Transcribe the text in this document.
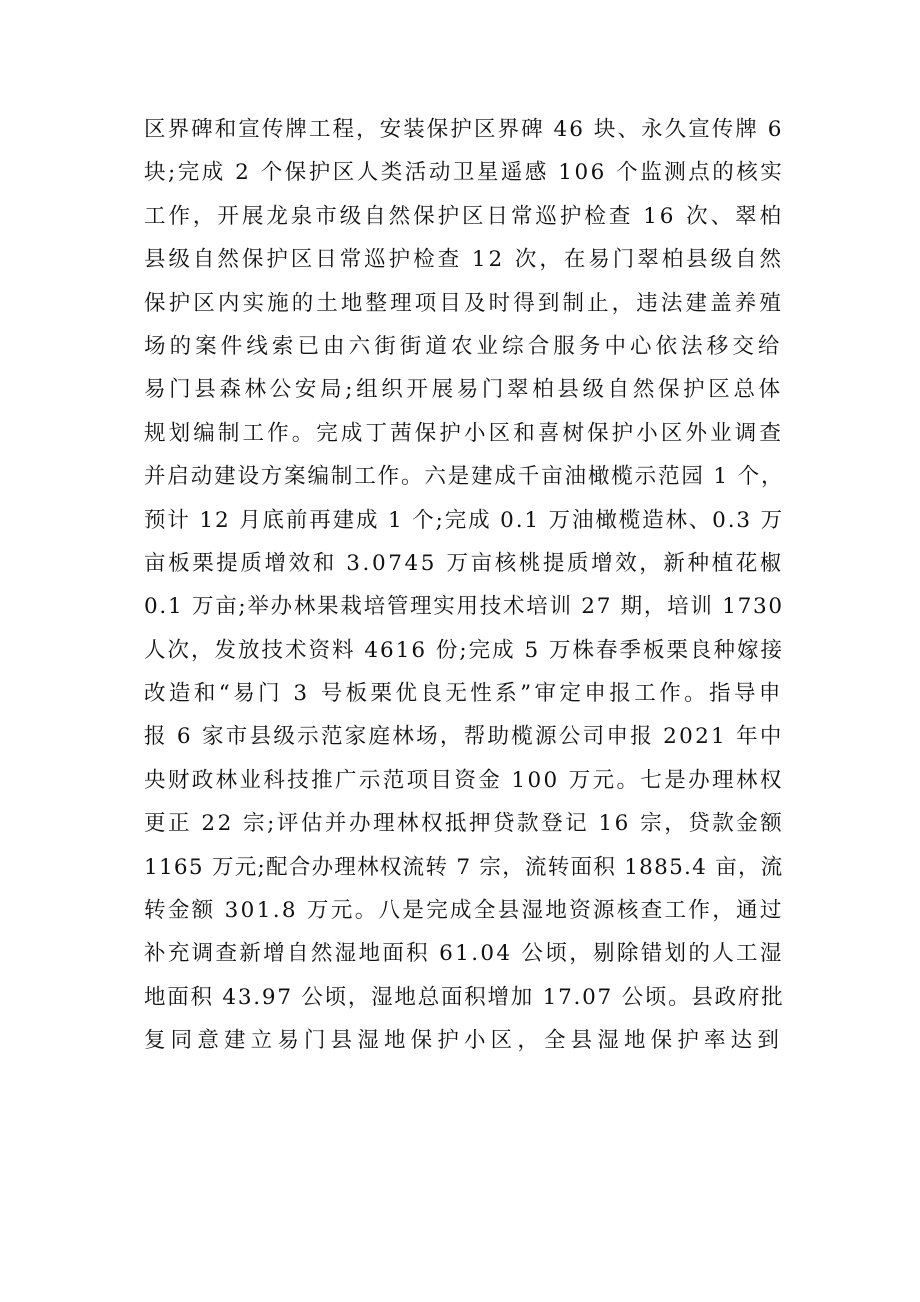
区界碑和宣传牌工程，安装保护区界碑 46 块、永久宣传牌 6
块;完成 2 个保护区人类活动卫星遥感 106 个监测点的核实
工作，开展龙泉市级自然保护区日常巡护检查 16 次、翠柏
县级自然保护区日常巡护检查 12 次，在易门翠柏县级自然
保护区内实施的土地整理项目及时得到制止，违法建盖养殖
场的案件线索已由六街街道农业综合服务中心依法移交给
易门县森林公安局;组织开展易门翠柏县级自然保护区总体
规划编制工作。完成丁茜保护小区和喜树保护小区外业调查
并启动建设方案编制工作。六是建成千亩油橄榄示范园 1 个，
预计 12 月底前再建成 1 个;完成 0.1 万油橄榄造林、0.3 万
亩板栗提质增效和 3.0745 万亩核桃提质增效，新种植花椒
0.1 万亩;举办林果栽培管理实用技术培训 27 期，培训 1730
人次，发放技术资料 4616 份;完成 5 万株春季板栗良种嫁接
改造和“易门 3 号板栗优良无性系”审定申报工作。指导申
报 6 家市县级示范家庭林场，帮助榄源公司申报 2021 年中
央财政林业科技推广示范项目资金 100 万元。七是办理林权
更正 22 宗;评估并办理林权抵押贷款登记 16 宗，贷款金额
1165 万元;配合办理林权流转 7 宗，流转面积 1885.4 亩，流
转金额 301.8 万元。八是完成全县湿地资源核查工作，通过
补充调查新增自然湿地面积 61.04 公顷，剔除错划的人工湿
地面积 43.97 公顷，湿地总面积增加 17.07 公顷。县政府批
复同意建立易门县湿地保护小区，全县湿地保护率达到
